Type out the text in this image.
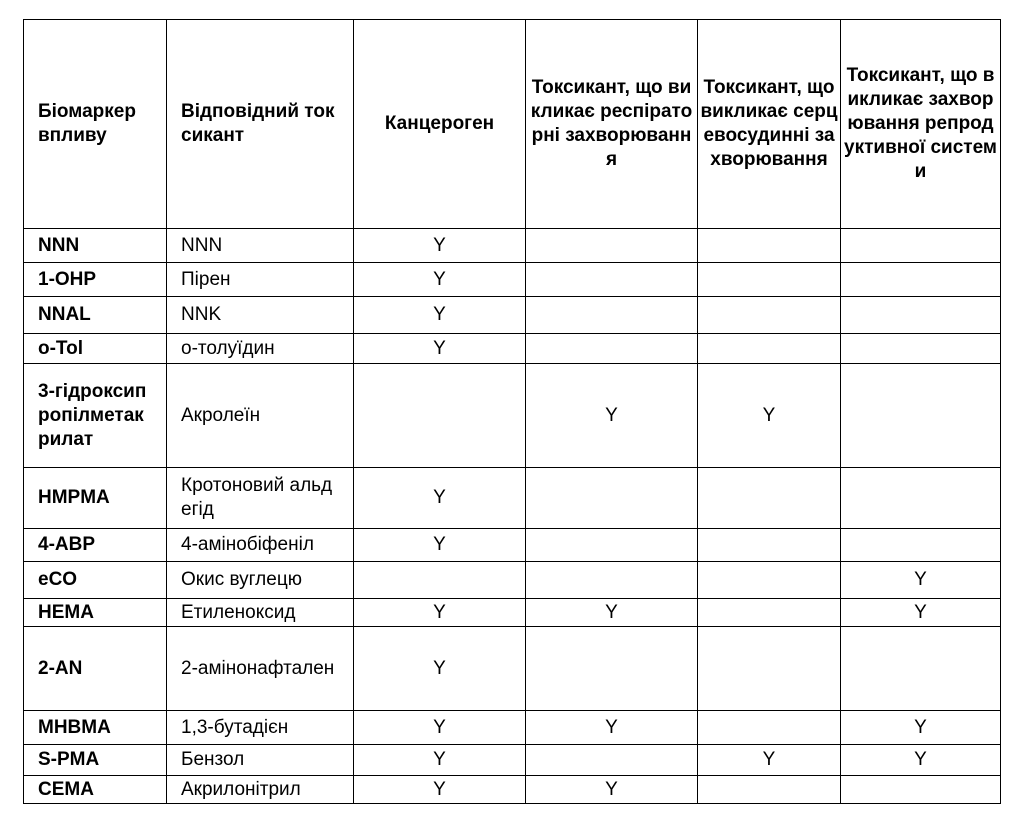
Біомаркер впливу	Відповідний токсикант	Канцероген	Токсикант, що викликає респіраторні захворювання	Токсикант, що викликає серцевосудинні захворювання	Токсикант, що викликає захворювання репродуктивної системи
NNN	NNN	Y			
1-OHP	Пірен	Y			
NNAL	NNK	Y			
o-Tol	о-толуїдин	Y			
3-гідроксипропілметакрилат	Акролеїн		Y	Y	
HMPMA	Кротоновий альдегід	Y			
4-ABP	4-амінобіфеніл	Y			
eCO	Окис вуглецю				Y
HEMA	Етиленоксид	Y	Y		Y
2-AN	2-амінонафтален	Y			
MHBMA	1,3-бутадієн	Y	Y		Y
S-PMA	Бензол	Y		Y	Y
CEMA	Акрилонітрил	Y	Y		
